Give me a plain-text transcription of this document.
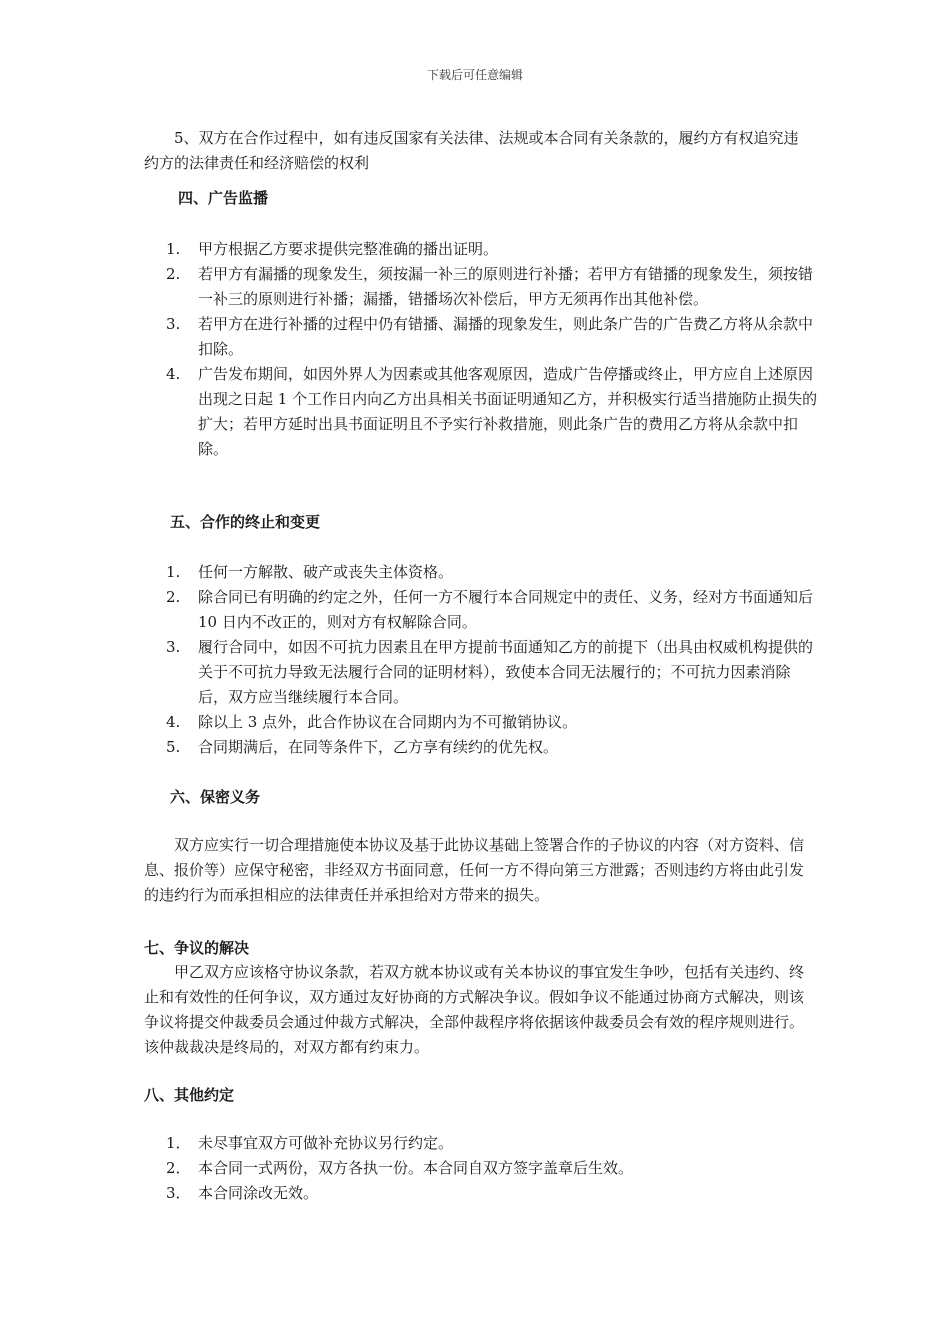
下载后可任意编辑

5、双方在合作过程中，如有违反国家有关法律、法规或本合同有关条款的，履约方有权追究违约方的法律责任和经济赔偿的权利

四、广告监播
1. 甲方根据乙方要求提供完整准确的播出证明。
2. 若甲方有漏播的现象发生，须按漏一补三的原则进行补播；若甲方有错播的现象发生，须按错一补三的原则进行补播；漏播，错播场次补偿后，甲方无须再作出其他补偿。
3. 若甲方在进行补播的过程中仍有错播、漏播的现象发生，则此条广告的广告费乙方将从余款中扣除。
4. 广告发布期间，如因外界人为因素或其他客观原因，造成广告停播或终止，甲方应自上述原因出现之日起 1 个工作日内向乙方出具相关书面证明通知乙方，并积极实行适当措施防止损失的扩大；若甲方延时出具书面证明且不予实行补救措施，则此条广告的费用乙方将从余款中扣除。
五、合作的终止和变更
1. 任何一方解散、破产或丧失主体资格。
2. 除合同已有明确的约定之外，任何一方不履行本合同规定中的责任、义务，经对方书面通知后 10 日内不改正的，则对方有权解除合同。
3. 履行合同中，如因不可抗力因素且在甲方提前书面通知乙方的前提下（出具由权威机构提供的关于不可抗力导致无法履行合同的证明材料），致使本合同无法履行的；不可抗力因素消除后，双方应当继续履行本合同。
4. 除以上 3 点外，此合作协议在合同期内为不可撤销协议。
5. 合同期满后，在同等条件下，乙方享有续约的优先权。
六、保密义务

双方应实行一切合理措施使本协议及基于此协议基础上签署合作的子协议的内容（对方资料、信息、报价等）应保守秘密，非经双方书面同意，任何一方不得向第三方泄露；否则违约方将由此引发的违约行为而承担相应的法律责任并承担给对方带来的损失。

七、争议的解决

甲乙双方应该格守协议条款，若双方就本协议或有关本协议的事宜发生争吵，包括有关违约、终止和有效性的任何争议，双方通过友好协商的方式解决争议。假如争议不能通过协商方式解决，则该争议将提交仲裁委员会通过仲裁方式解决，全部仲裁程序将依据该仲裁委员会有效的程序规则进行。该仲裁裁决是终局的，对双方都有约束力。

八、其他约定
1． 未尽事宜双方可做补充协议另行约定。
2． 本合同一式两份，双方各执一份。本合同自双方签字盖章后生效。
3． 本合同涂改无效。
